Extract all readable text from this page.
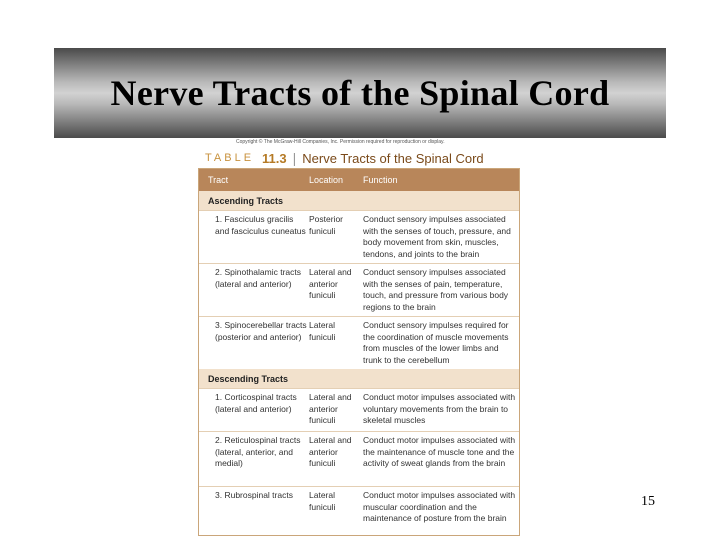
Nerve Tracts of the Spinal Cord
Copyright © The McGraw-Hill Companies, Inc. Permission required for reproduction or display.
TABLE 11.3 | Nerve Tracts of the Spinal Cord
Tract	Location Function
Ascending Tracts
1. Fasciculus gracilis and fasciculus cuneatus
Posterior funiculi
Conduct sensory impulses associated with the senses of touch, pressure, and body movement from skin, muscles, tendons, and joints to the brain
2. Spinothalamic tracts (lateral and anterior)
Lateral and anterior funiculi
Conduct sensory impulses associated with the senses of pain, temperature, touch, and pressure from various body regions to the brain
3. Spinocerebellar tracts (posterior and anterior)
Lateral funiculi
Conduct sensory impulses required for the coordination of muscle movements from muscles of the lower limbs and trunk to the cerebellum
Descending Tracts
1. Corticospinal tracts (lateral and anterior)
Lateral and anterior funiculi
Conduct motor impulses associated with voluntary movements from the brain to skeletal muscles
2. Reticulospinal tracts (lateral, anterior, and medial)
Lateral and anterior funiculi
Conduct motor impulses associated with the maintenance of muscle tone and the activity of sweat glands from the brain
3. Rubrospinal tracts	Lateral funiculi
Conduct motor impulses associated with muscular coordination and the maintenance of posture from the brain
15
